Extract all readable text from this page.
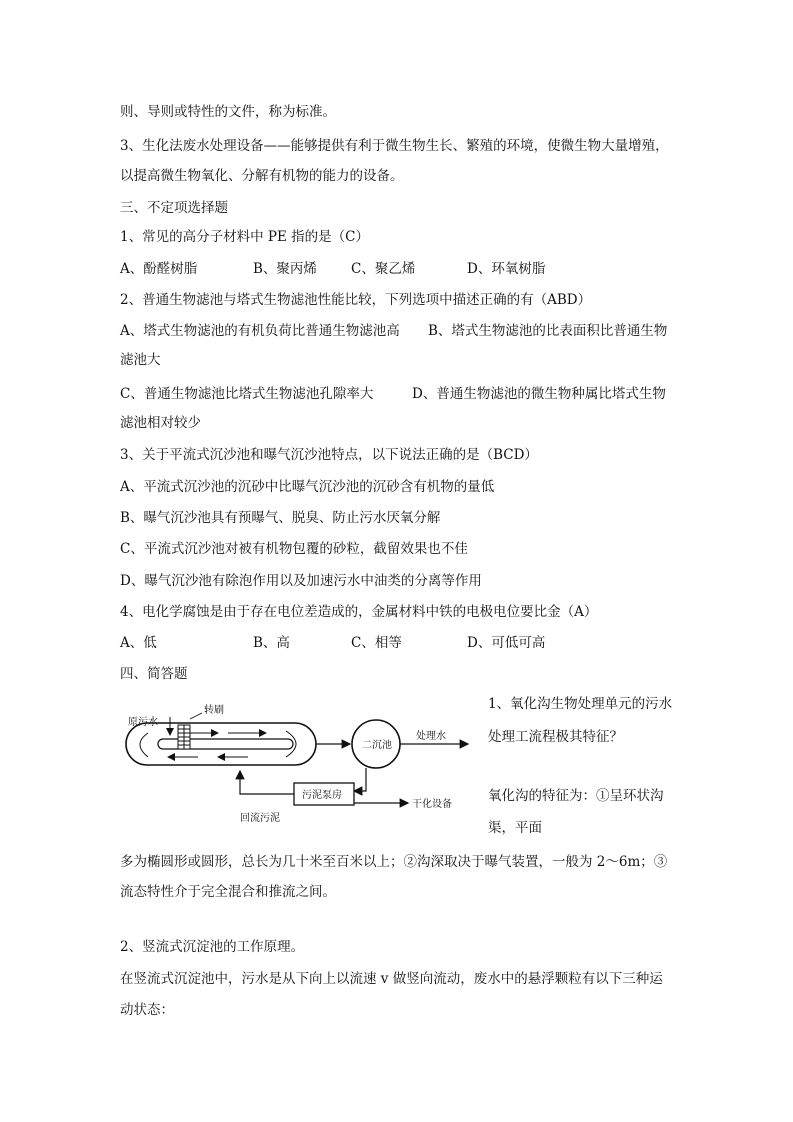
则、导则或特性的文件，称为标准。
3、生化法废水处理设备——能够提供有利于微生物生长、繁殖的环境，使微生物大量增殖，
以提高微生物氧化、分解有机物的能力的设备。
三、不定项选择题
1、常见的高分子材料中 PE 指的是（C）
A、酚醛树脂	B、聚丙烯	C、聚乙烯	D、环氧树脂
2、普通生物滤池与塔式生物滤池性能比较，下列选项中描述正确的有（ABD）
A、塔式生物滤池的有机负荷比普通生物滤池高 B、塔式生物滤池的比表面积比普通生物
滤池大
C、普通生物滤池比塔式生物滤池孔隙率大	D、普通生物滤池的微生物种属比塔式生物
滤池相对较少
3、关于平流式沉沙池和曝气沉沙池特点，以下说法正确的是（BCD）
A、平流式沉沙池的沉砂中比曝气沉沙池的沉砂含有机物的量低
B、曝气沉沙池具有预曝气、脱臭、防止污水厌氧分解
C、平流式沉沙池对被有机物包覆的砂粒，截留效果也不佳
D、曝气沉沙池有除泡作用以及加速污水中油类的分离等作用
4、电化学腐蚀是由于存在电位差造成的，金属材料中铁的电极电位要比金（A）
A、低	B、高	C、相等	D、可低可高
四、简答题
原污水
转刷
二沉池
处理水
污泥泵房
干化设备
回流污泥
1、氧化沟生物处理单元的污水
处理工流程极其特征？
氧化沟的特征为：①呈环状沟
渠，平面
多为椭圆形或圆形，总长为几十米至百米以上；②沟深取决于曝气装置，一般为 2～6m；③
流态特性介于完全混合和推流之间。
2、竖流式沉淀池的工作原理。
在竖流式沉淀池中，污水是从下向上以流速 v 做竖向流动，废水中的悬浮颗粒有以下三种运
动状态：
